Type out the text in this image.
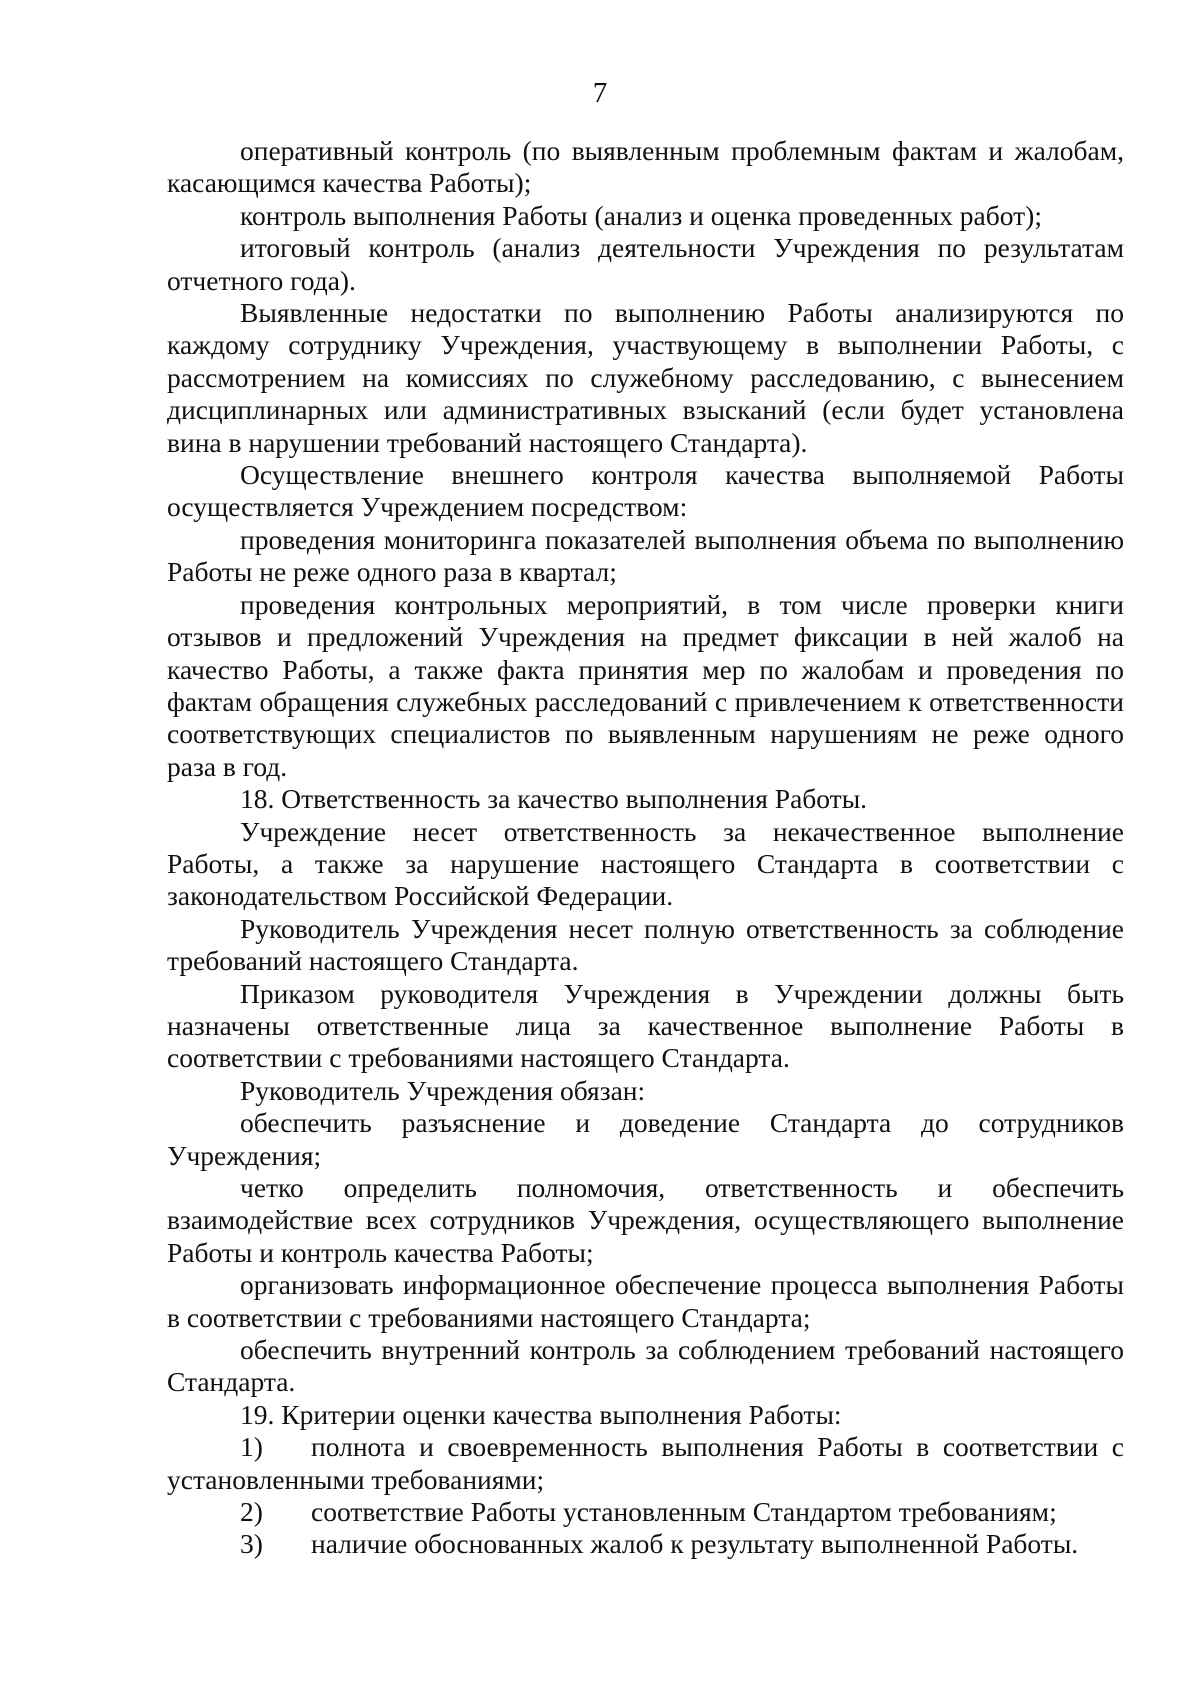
7

оперативный контроль (по выявленным проблемным фактам и жалобам, касающимся качества Работы);

контроль выполнения Работы (анализ и оценка проведенных работ);

итоговый контроль (анализ деятельности Учреждения по результатам отчетного года).

Выявленные недостатки по выполнению Работы анализируются по каждому сотруднику Учреждения, участвующему в выполнении Работы, с рассмотрением на комиссиях по служебному расследованию, с вынесением дисциплинарных или административных взысканий (если будет установлена вина в нарушении требований настоящего Стандарта).

Осуществление внешнего контроля качества выполняемой Работы осуществляется Учреждением посредством:

проведения мониторинга показателей выполнения объема по выполнению Работы не реже одного раза в квартал;

проведения контрольных мероприятий, в том числе проверки книги отзывов и предложений Учреждения на предмет фиксации в ней жалоб на качество Работы, а также факта принятия мер по жалобам и проведения по фактам обращения служебных расследований с привлечением к ответственности соответствующих специалистов по выявленным нарушениям не реже одного раза в год.

18. Ответственность за качество выполнения Работы.

Учреждение несет ответственность за некачественное выполнение Работы, а также за нарушение настоящего Стандарта в соответствии с законодательством Российской Федерации.

Руководитель Учреждения несет полную ответственность за соблюдение требований настоящего Стандарта.

Приказом руководителя Учреждения в Учреждении должны быть назначены ответственные лица за качественное выполнение Работы в соответствии с требованиями настоящего Стандарта.

Руководитель Учреждения обязан:

обеспечить разъяснение и доведение Стандарта до сотрудников Учреждения;

четко определить полномочия, ответственность и обеспечить взаимодействие всех сотрудников Учреждения, осуществляющего выполнение Работы и контроль качества Работы;

организовать информационное обеспечение процесса выполнения Работы в соответствии с требованиями настоящего Стандарта;

обеспечить внутренний контроль за соблюдением требований настоящего Стандарта.

19. Критерии оценки качества выполнения Работы:

1) полнота и своевременность выполнения Работы в соответствии с установленными требованиями;

2)	соответствие Работы установленным Стандартом требованиям;

3)	наличие обоснованных жалоб к результату выполненной Работы.
